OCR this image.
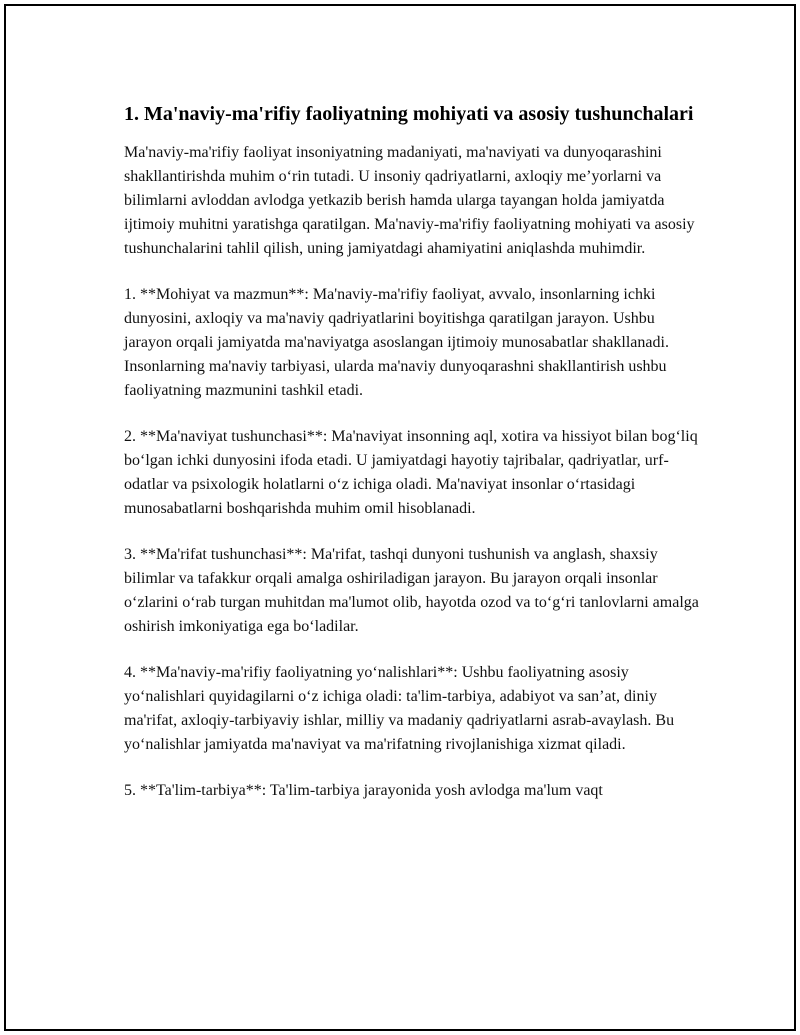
1. Ma'naviy-ma'rifiy faoliyatning mohiyati va asosiy tushunchalari

Ma'naviy-ma'rifiy faoliyat insoniyatning madaniyati, ma'naviyati va dunyoqarashini shakllantirishda muhim o‘rin tutadi. U insoniy qadriyatlarni, axloqiy me’yorlarni va bilimlarni avloddan avlodga yetkazib berish hamda ularga tayangan holda jamiyatda ijtimoiy muhitni yaratishga qaratilgan. Ma'naviy-ma'rifiy faoliyatning mohiyati va asosiy tushunchalarini tahlil qilish, uning jamiyatdagi ahamiyatini aniqlashda muhimdir.

1. **Mohiyat va mazmun**: Ma'naviy-ma'rifiy faoliyat, avvalo, insonlarning ichki dunyosini, axloqiy va ma'naviy qadriyatlarini boyitishga qaratilgan jarayon. Ushbu jarayon orqali jamiyatda ma'naviyatga asoslangan ijtimoiy munosabatlar shakllanadi. Insonlarning ma'naviy tarbiyasi, ularda ma'naviy dunyoqarashni shakllantirish ushbu faoliyatning mazmunini tashkil etadi.

2. **Ma'naviyat tushunchasi**: Ma'naviyat insonning aql, xotira va hissiyot bilan bog‘liq bo‘lgan ichki dunyosini ifoda etadi. U jamiyatdagi hayotiy tajribalar, qadriyatlar, urf-odatlar va psixologik holatlarni o‘z ichiga oladi. Ma'naviyat insonlar o‘rtasidagi munosabatlarni boshqarishda muhim omil hisoblanadi.

3. **Ma'rifat tushunchasi**: Ma'rifat, tashqi dunyoni tushunish va anglash, shaxsiy bilimlar va tafakkur orqali amalga oshiriladigan jarayon. Bu jarayon orqali insonlar o‘zlarini o‘rab turgan muhitdan ma'lumot olib, hayotda ozod va to‘g‘ri tanlovlarni amalga oshirish imkoniyatiga ega bo‘ladilar.

4. **Ma'naviy-ma'rifiy faoliyatning yo‘nalishlari**: Ushbu faoliyatning asosiy yo‘nalishlari quyidagilarni o‘z ichiga oladi: ta'lim-tarbiya, adabiyot va san’at, diniy ma'rifat, axloqiy-tarbiyaviy ishlar, milliy va madaniy qadriyatlarni asrab-avaylash. Bu yo‘nalishlar jamiyatda ma'naviyat va ma'rifatning rivojlanishiga xizmat qiladi.

5. **Ta'lim-tarbiya**: Ta'lim-tarbiya jarayonida yosh avlodga ma'lum vaqt
